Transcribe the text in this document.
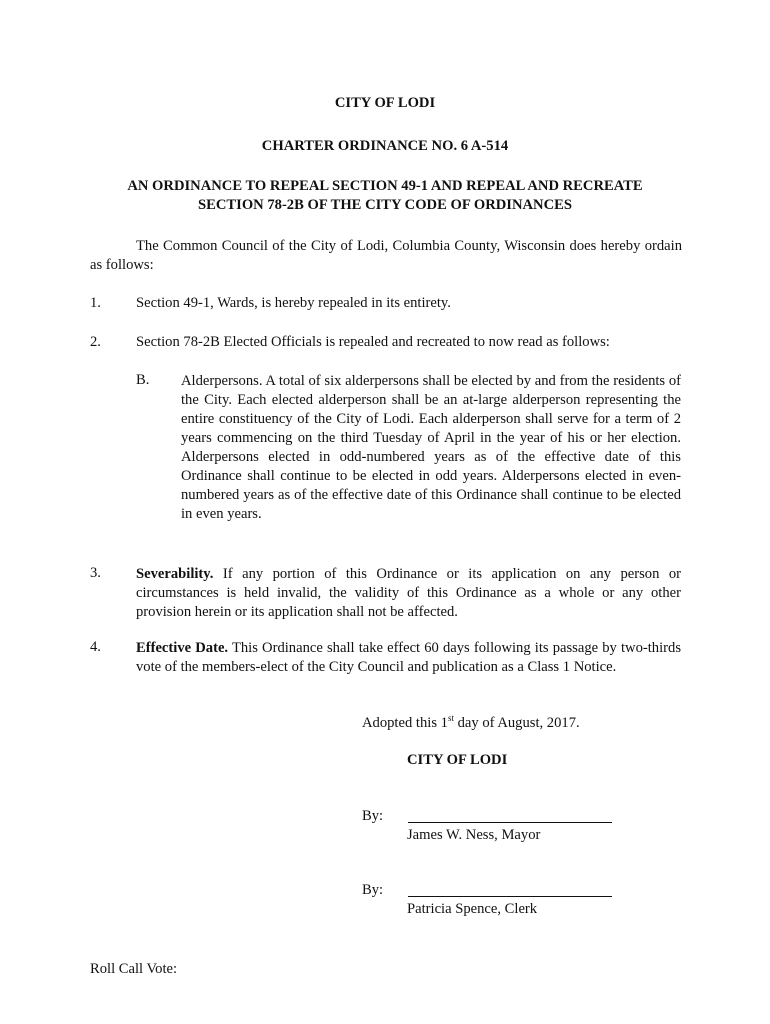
CITY OF LODI
CHARTER ORDINANCE NO. 6 A-514
AN ORDINANCE TO REPEAL SECTION 49-1 AND REPEAL AND RECREATE
SECTION 78-2B OF THE CITY CODE OF ORDINANCES
The Common Council of the City of Lodi, Columbia County, Wisconsin does hereby ordain as follows:
1. Section 49-1, Wards, is hereby repealed in its entirety.
2. Section 78-2B Elected Officials is repealed and recreated to now read as follows:
B. Alderpersons. A total of six alderpersons shall be elected by and from the residents of the City. Each elected alderperson shall be an at-large alderperson representing the entire constituency of the City of Lodi. Each alderperson shall serve for a term of 2 years commencing on the third Tuesday of April in the year of his or her election. Alderpersons elected in odd-numbered years as of the effective date of this Ordinance shall continue to be elected in odd years. Alderpersons elected in even-numbered years as of the effective date of this Ordinance shall continue to be elected in even years.
3. Severability. If any portion of this Ordinance or its application on any person or circumstances is held invalid, the validity of this Ordinance as a whole or any other provision herein or its application shall not be affected.
4. Effective Date. This Ordinance shall take effect 60 days following its passage by two-thirds vote of the members-elect of the City Council and publication as a Class 1 Notice.
Adopted this 1st day of August, 2017.
CITY OF LODI
By:
James W. Ness, Mayor
By:
Patricia Spence, Clerk
Roll Call Vote:
